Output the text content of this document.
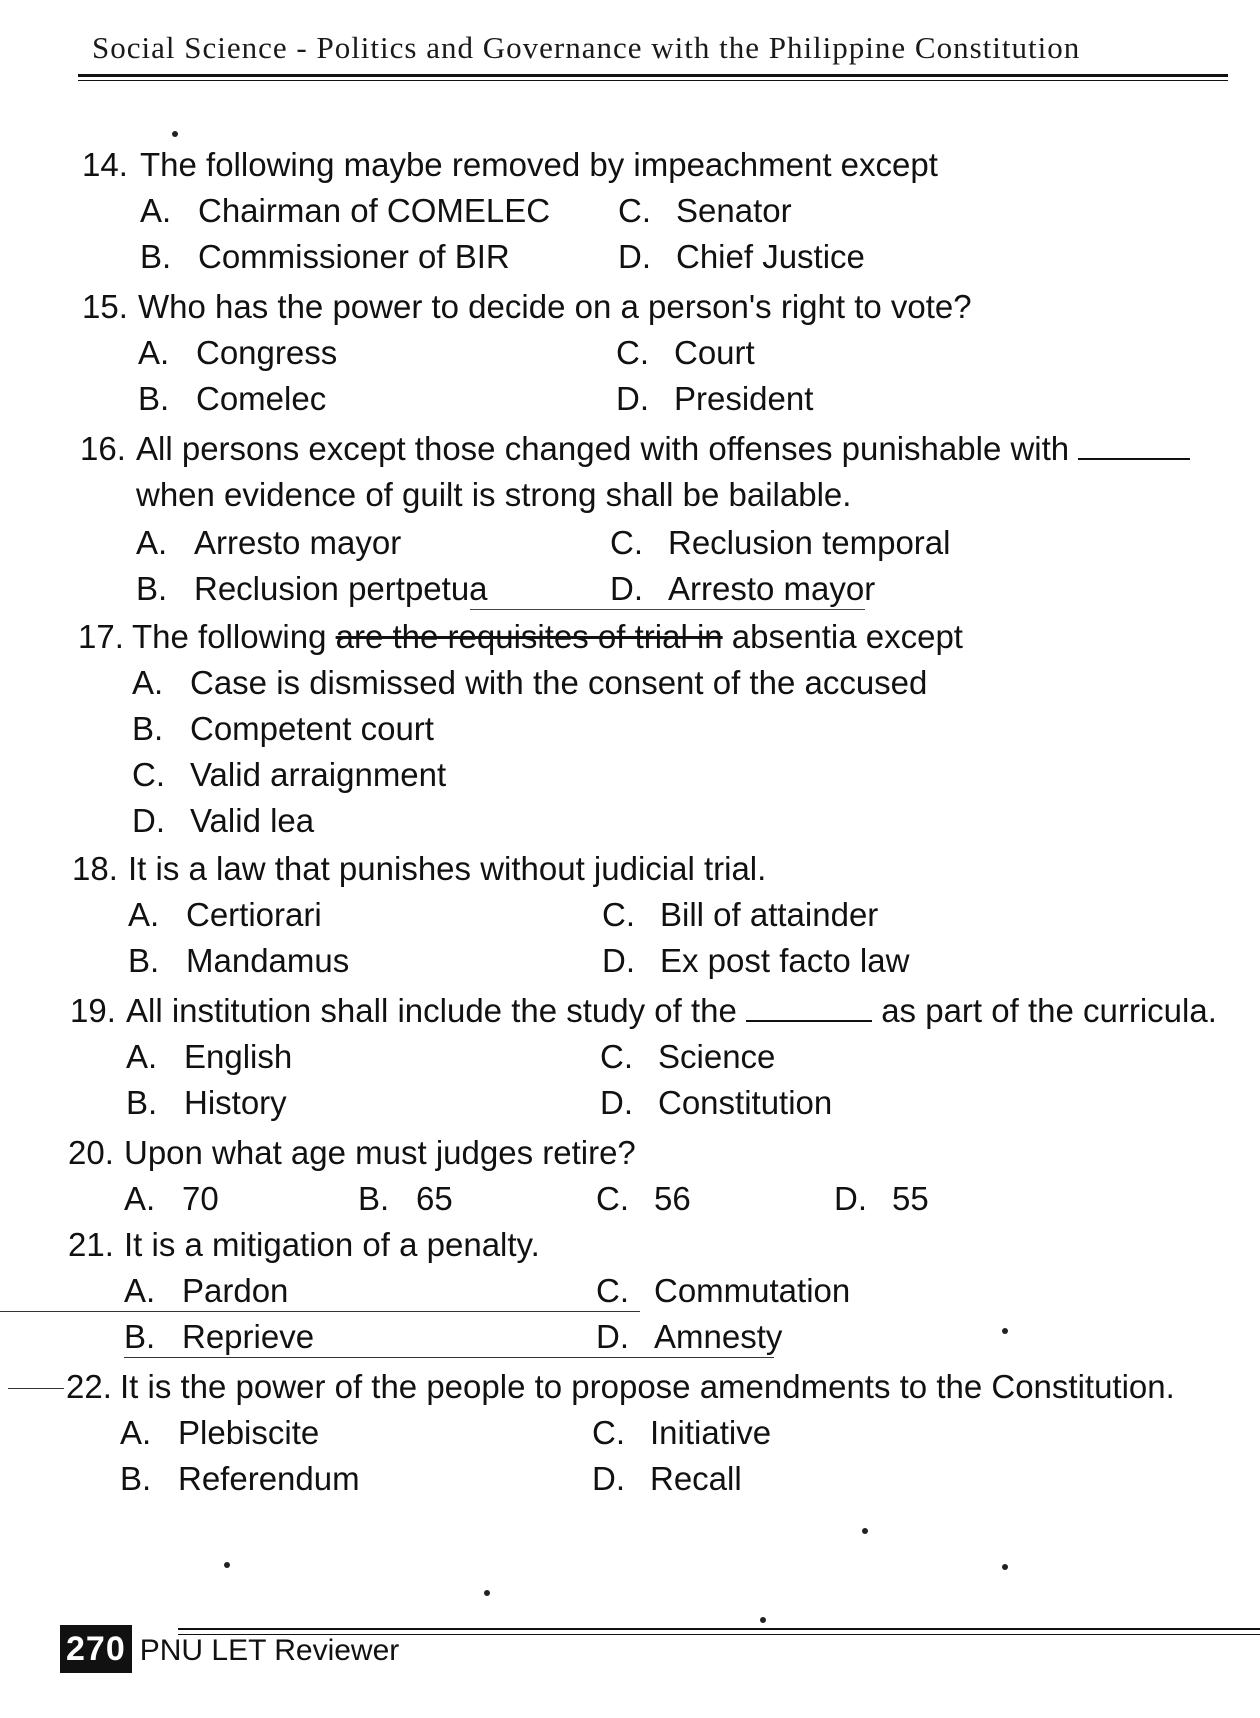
Social Science - Politics and Governance with the Philippine Constitution
14. The following maybe removed by impeachment except
A. Chairman of COMELEC
B. Commissioner of BIR
C. Senator
D. Chief Justice
15. Who has the power to decide on a person's right to vote?
A. Congress
B. Comelec
C. Court
D. President
16. All persons except those changed with offenses punishable with
when evidence of guilt is strong shall be bailable.
A. Arresto mayor
B. Reclusion pertpetua
C. Reclusion temporal
D. Arresto mayor
17. The following are the requisites of trial in absentia except
A. Case is dismissed with the consent of the accused
B. Competent court
C. Valid arraignment
D. Valid lea
18. It is a law that punishes without judicial trial.
A. Certiorari
B. Mandamus
C. Bill of attainder
D. Ex post facto law
19. All institution shall include the study of the	as part of the curricula.
A. English
B. History
C. Science
D. Constitution
20. Upon what age must judges retire?
A. 70	B. 65	C. 56	D. 55
21. It is a mitigation of a penalty.
A. Pardon
B. Reprieve
C. Commutation
D. Amnesty
22. It is the power of the people to propose amendments to the Constitution.
A. Plebiscite
B. Referendum
C. Initiative
D. Recall
270 PNU LET Reviewer
